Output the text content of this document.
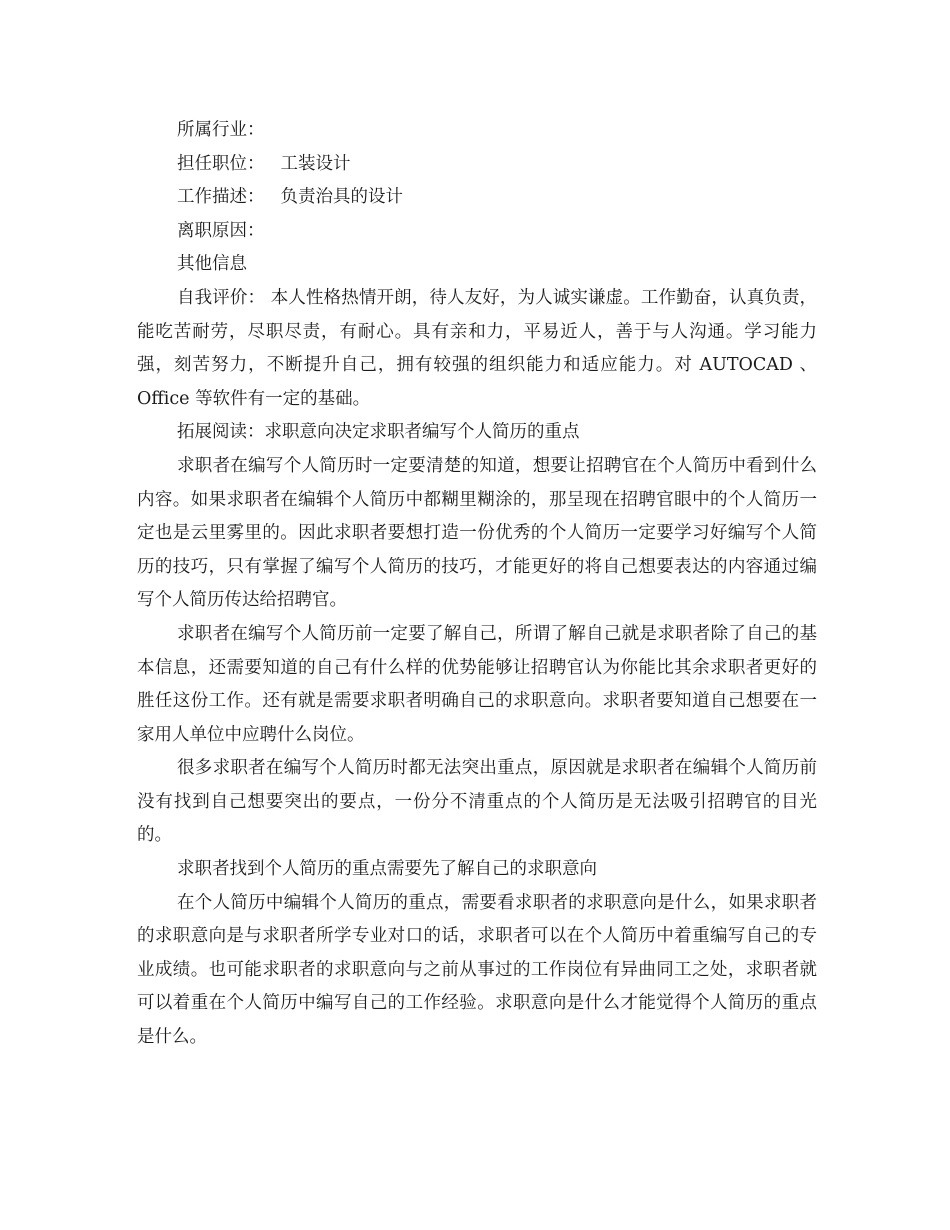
所属行业：
担任职位： 工装设计
工作描述： 负责治具的设计
离职原因：
其他信息

自我评价： 本人性格热情开朗，待人友好，为人诚实谦虚。工作勤奋，认真负责，能吃苦耐劳，尽职尽责，有耐心。具有亲和力，平易近人，善于与人沟通。学习能力强，刻苦努力，不断提升自己，拥有较强的组织能力和适应能力。对 AUTOCAD 、Office 等软件有一定的基础。

拓展阅读：求职意向决定求职者编写个人简历的重点

求职者在编写个人简历时一定要清楚的知道，想要让招聘官在个人简历中看到什么内容。如果求职者在编辑个人简历中都糊里糊涂的，那呈现在招聘官眼中的个人简历一定也是云里雾里的。因此求职者要想打造一份优秀的个人简历一定要学习好编写个人简历的技巧，只有掌握了编写个人简历的技巧，才能更好的将自己想要表达的内容通过编写个人简历传达给招聘官。

求职者在编写个人简历前一定要了解自己，所谓了解自己就是求职者除了自己的基本信息，还需要知道的自己有什么样的优势能够让招聘官认为你能比其余求职者更好的胜任这份工作。还有就是需要求职者明确自己的求职意向。求职者要知道自己想要在一家用人单位中应聘什么岗位。

很多求职者在编写个人简历时都无法突出重点，原因就是求职者在编辑个人简历前没有找到自己想要突出的要点，一份分不清重点的个人简历是无法吸引招聘官的目光的。

求职者找到个人简历的重点需要先了解自己的求职意向

在个人简历中编辑个人简历的重点，需要看求职者的求职意向是什么，如果求职者的求职意向是与求职者所学专业对口的话，求职者可以在个人简历中着重编写自己的专业成绩。也可能求职者的求职意向与之前从事过的工作岗位有异曲同工之处，求职者就可以着重在个人简历中编写自己的工作经验。求职意向是什么才能觉得个人简历的重点是什么。
